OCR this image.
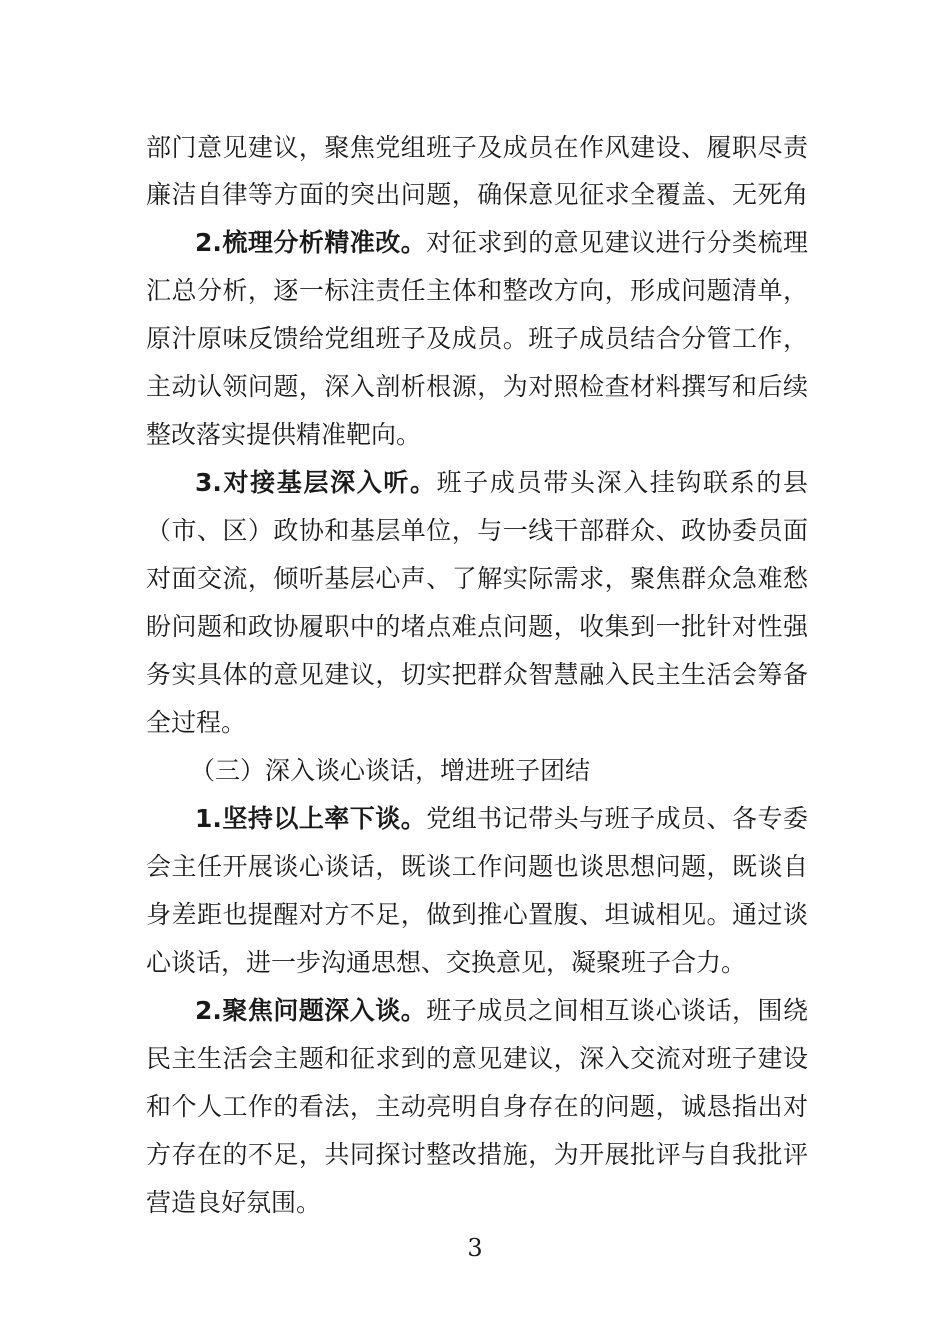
部门意见建议，聚焦党组班子及成员在作风建设、履职尽责
廉洁自律等方面的突出问题，确保意见征求全覆盖、无死角
2.梳理分析精准改。对征求到的意见建议进行分类梳理
汇总分析，逐一标注责任主体和整改方向，形成问题清单，
原汁原味反馈给党组班子及成员。班子成员结合分管工作，
主动认领问题，深入剖析根源，为对照检查材料撰写和后续
整改落实提供精准靶向。
3.对接基层深入听。班子成员带头深入挂钩联系的县
（市、区）政协和基层单位，与一线干部群众、政协委员面
对面交流，倾听基层心声、了解实际需求，聚焦群众急难愁
盼问题和政协履职中的堵点难点问题，收集到一批针对性强
务实具体的意见建议，切实把群众智慧融入民主生活会筹备
全过程。
（三）深入谈心谈话，增进班子团结
1.坚持以上率下谈。党组书记带头与班子成员、各专委
会主任开展谈心谈话，既谈工作问题也谈思想问题，既谈自
身差距也提醒对方不足，做到推心置腹、坦诚相见。通过谈
心谈话，进一步沟通思想、交换意见，凝聚班子合力。
2.聚焦问题深入谈。班子成员之间相互谈心谈话，围绕
民主生活会主题和征求到的意见建议，深入交流对班子建设
和个人工作的看法，主动亮明自身存在的问题，诚恳指出对
方存在的不足，共同探讨整改措施，为开展批评与自我批评
营造良好氛围。
3
